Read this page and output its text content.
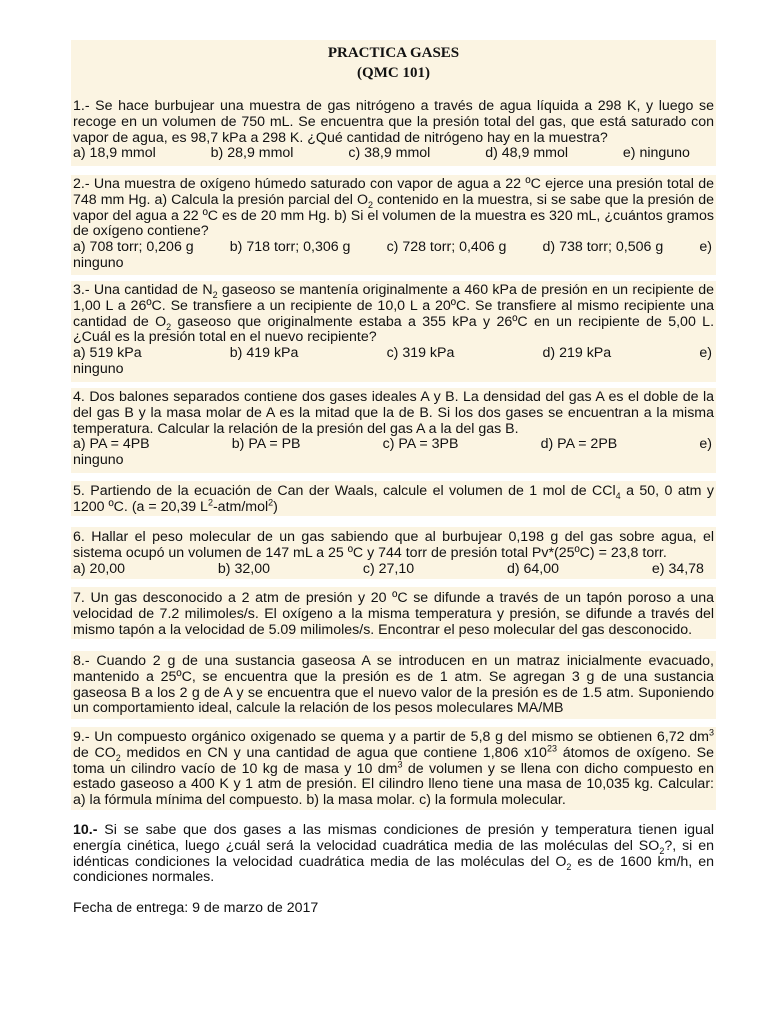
PRACTICA GASES
(QMC 101)

1.- Se hace burbujear una muestra de gas nitrógeno a través de agua líquida a 298 K, y luego se recoge en un volumen de 750 mL. Se encuentra que la presión total del gas, que está saturado con vapor de agua, es 98,7 kPa a 298 K. ¿Qué cantidad de nitrógeno hay en la muestra?

a) 18,9 mmol	b) 28,9 mmol	c) 38,9 mmol	d) 48,9 mmol	e) ninguno

2.- Una muestra de oxígeno húmedo saturado con vapor de agua a 22 ºC ejerce una presión total de 748 mm Hg. a) Calcula la presión parcial del $O_2$ contenido en la muestra, si se sabe que la presión de vapor del agua a 22 ºC es de 20 mm Hg. b) Si el volumen de la muestra es 320 mL, ¿cuántos gramos de oxígeno contiene?

a) 708 torr; 0,206 g	b) 718 torr; 0,306 g	c) 728 torr; 0,406 g	d) 738 torr; 0,506 g	e)

ninguno

3.- Una cantidad de $N_2$ gaseoso se mantenía originalmente a 460 kPa de presión en un recipiente de 1,00 L a 26ºC. Se transfiere a un recipiente de 10,0 L a 20ºC. Se transfiere al mismo recipiente una cantidad de $O_2$ gaseoso que originalmente estaba a 355 kPa y 26ºC en un recipiente de 5,00 L. ¿Cuál es la presión total en el nuevo recipiente?

a) 519 kPa	b) 419 kPa	c) 319 kPa	d) 219 kPa	e)

ninguno

4. Dos balones separados contiene dos gases ideales A y B. La densidad del gas A es el doble de la del gas B y la masa molar de A es la mitad que la de B. Si los dos gases se encuentran a la misma temperatura. Calcular la relación de la presión del gas A a la del gas B.

a) PA = 4PB	b) PA = PB	c) PA = 3PB	d) PA = 2PB	e)

ninguno

5. Partiendo de la ecuación de Can der Waals, calcule el volumen de 1 mol de CCl$_4$ a 50, 0 atm y 1200 ºC. (a = 20,39 $L^2-atm/mol^2$)

6. Hallar el peso molecular de un gas sabiendo que al burbujear 0,198 g del gas sobre agua, el sistema ocupó un volumen de 147 mL a 25 ºC y 744 torr de presión total Pv*(25ºC) = 23,8 torr.

a) 20,00	b) 32,00	c) 27,10	d) 64,00	e) 34,78

7. Un gas desconocido a 2 atm de presión y 20 ºC se difunde a través de un tapón poroso a una velocidad de 7.2 milimoles/s. El oxígeno a la misma temperatura y presión, se difunde a través del mismo tapón a la velocidad de 5.09 milimoles/s. Encontrar el peso molecular del gas desconocido.

8.- Cuando 2 g de una sustancia gaseosa A se introducen en un matraz inicialmente evacuado, mantenido a 25ºC, se encuentra que la presión es de 1 atm. Se agregan 3 g de una sustancia gaseosa B a los 2 g de A y se encuentra que el nuevo valor de la presión es de 1.5 atm. Suponiendo un comportamiento ideal, calcule la relación de los pesos moleculares MA/MB

9.- Un compuesto orgánico oxigenado se quema y a partir de 5,8 g del mismo se obtienen 6,72 $dm^3$ de $CO_2$ medidos en CN y una cantidad de agua que contiene 1,806 $x10^{23}$ átomos de oxígeno. Se toma un cilindro vacío de 10 kg de masa y 10 $dm^3$ de volumen y se llena con dicho compuesto en estado gaseoso a 400 K y 1 atm de presión. El cilindro lleno tiene una masa de 10,035 kg. Calcular: a) la fórmula mínima del compuesto. b) la masa molar. c) la formula molecular.

10.- Si se sabe que dos gases a las mismas condiciones de presión y temperatura tienen igual energía cinética, luego ¿cuál será la velocidad cuadrática media de las moléculas del $SO_2$?, si en idénticas condiciones la velocidad cuadrática media de las moléculas del $O_2$ es de 1600 km/h, en condiciones normales.

Fecha de entrega: 9 de marzo de 2017
